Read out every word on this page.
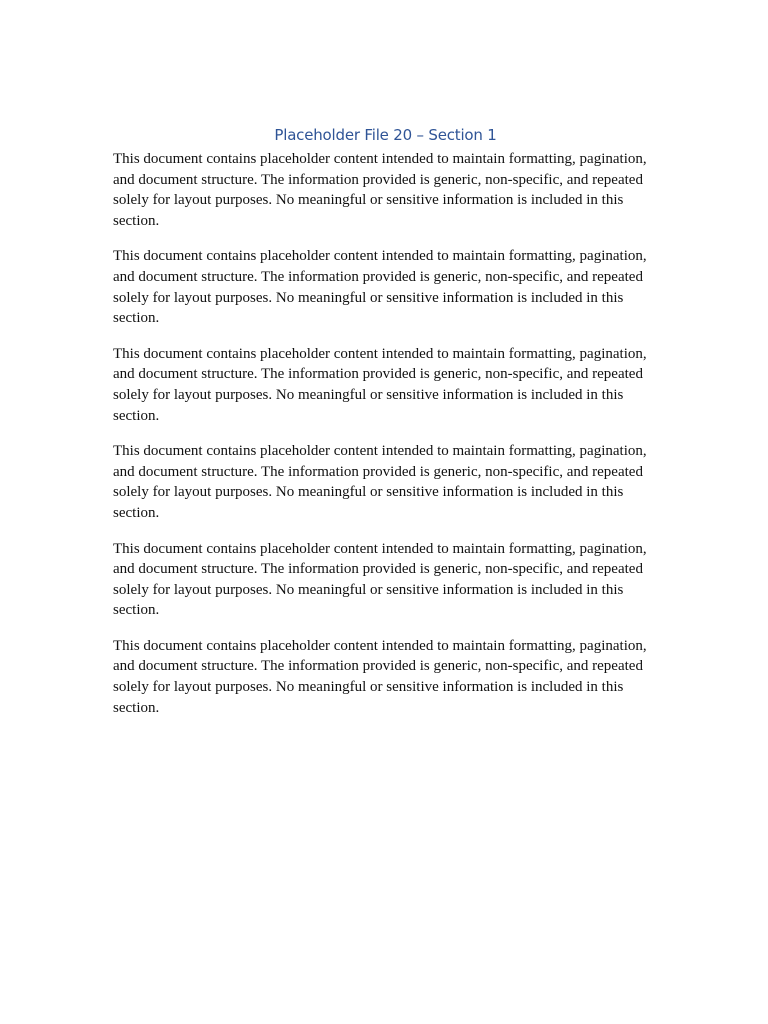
Placeholder File 20 – Section 1

This document contains placeholder content intended to maintain formatting, pagination, and document structure. The information provided is generic, non-specific, and repeated solely for layout purposes. No meaningful or sensitive information is included in this section.

This document contains placeholder content intended to maintain formatting, pagination, and document structure. The information provided is generic, non-specific, and repeated solely for layout purposes. No meaningful or sensitive information is included in this section.

This document contains placeholder content intended to maintain formatting, pagination, and document structure. The information provided is generic, non-specific, and repeated solely for layout purposes. No meaningful or sensitive information is included in this section.

This document contains placeholder content intended to maintain formatting, pagination, and document structure. The information provided is generic, non-specific, and repeated solely for layout purposes. No meaningful or sensitive information is included in this section.

This document contains placeholder content intended to maintain formatting, pagination, and document structure. The information provided is generic, non-specific, and repeated solely for layout purposes. No meaningful or sensitive information is included in this section.

This document contains placeholder content intended to maintain formatting, pagination, and document structure. The information provided is generic, non-specific, and repeated solely for layout purposes. No meaningful or sensitive information is included in this section.
